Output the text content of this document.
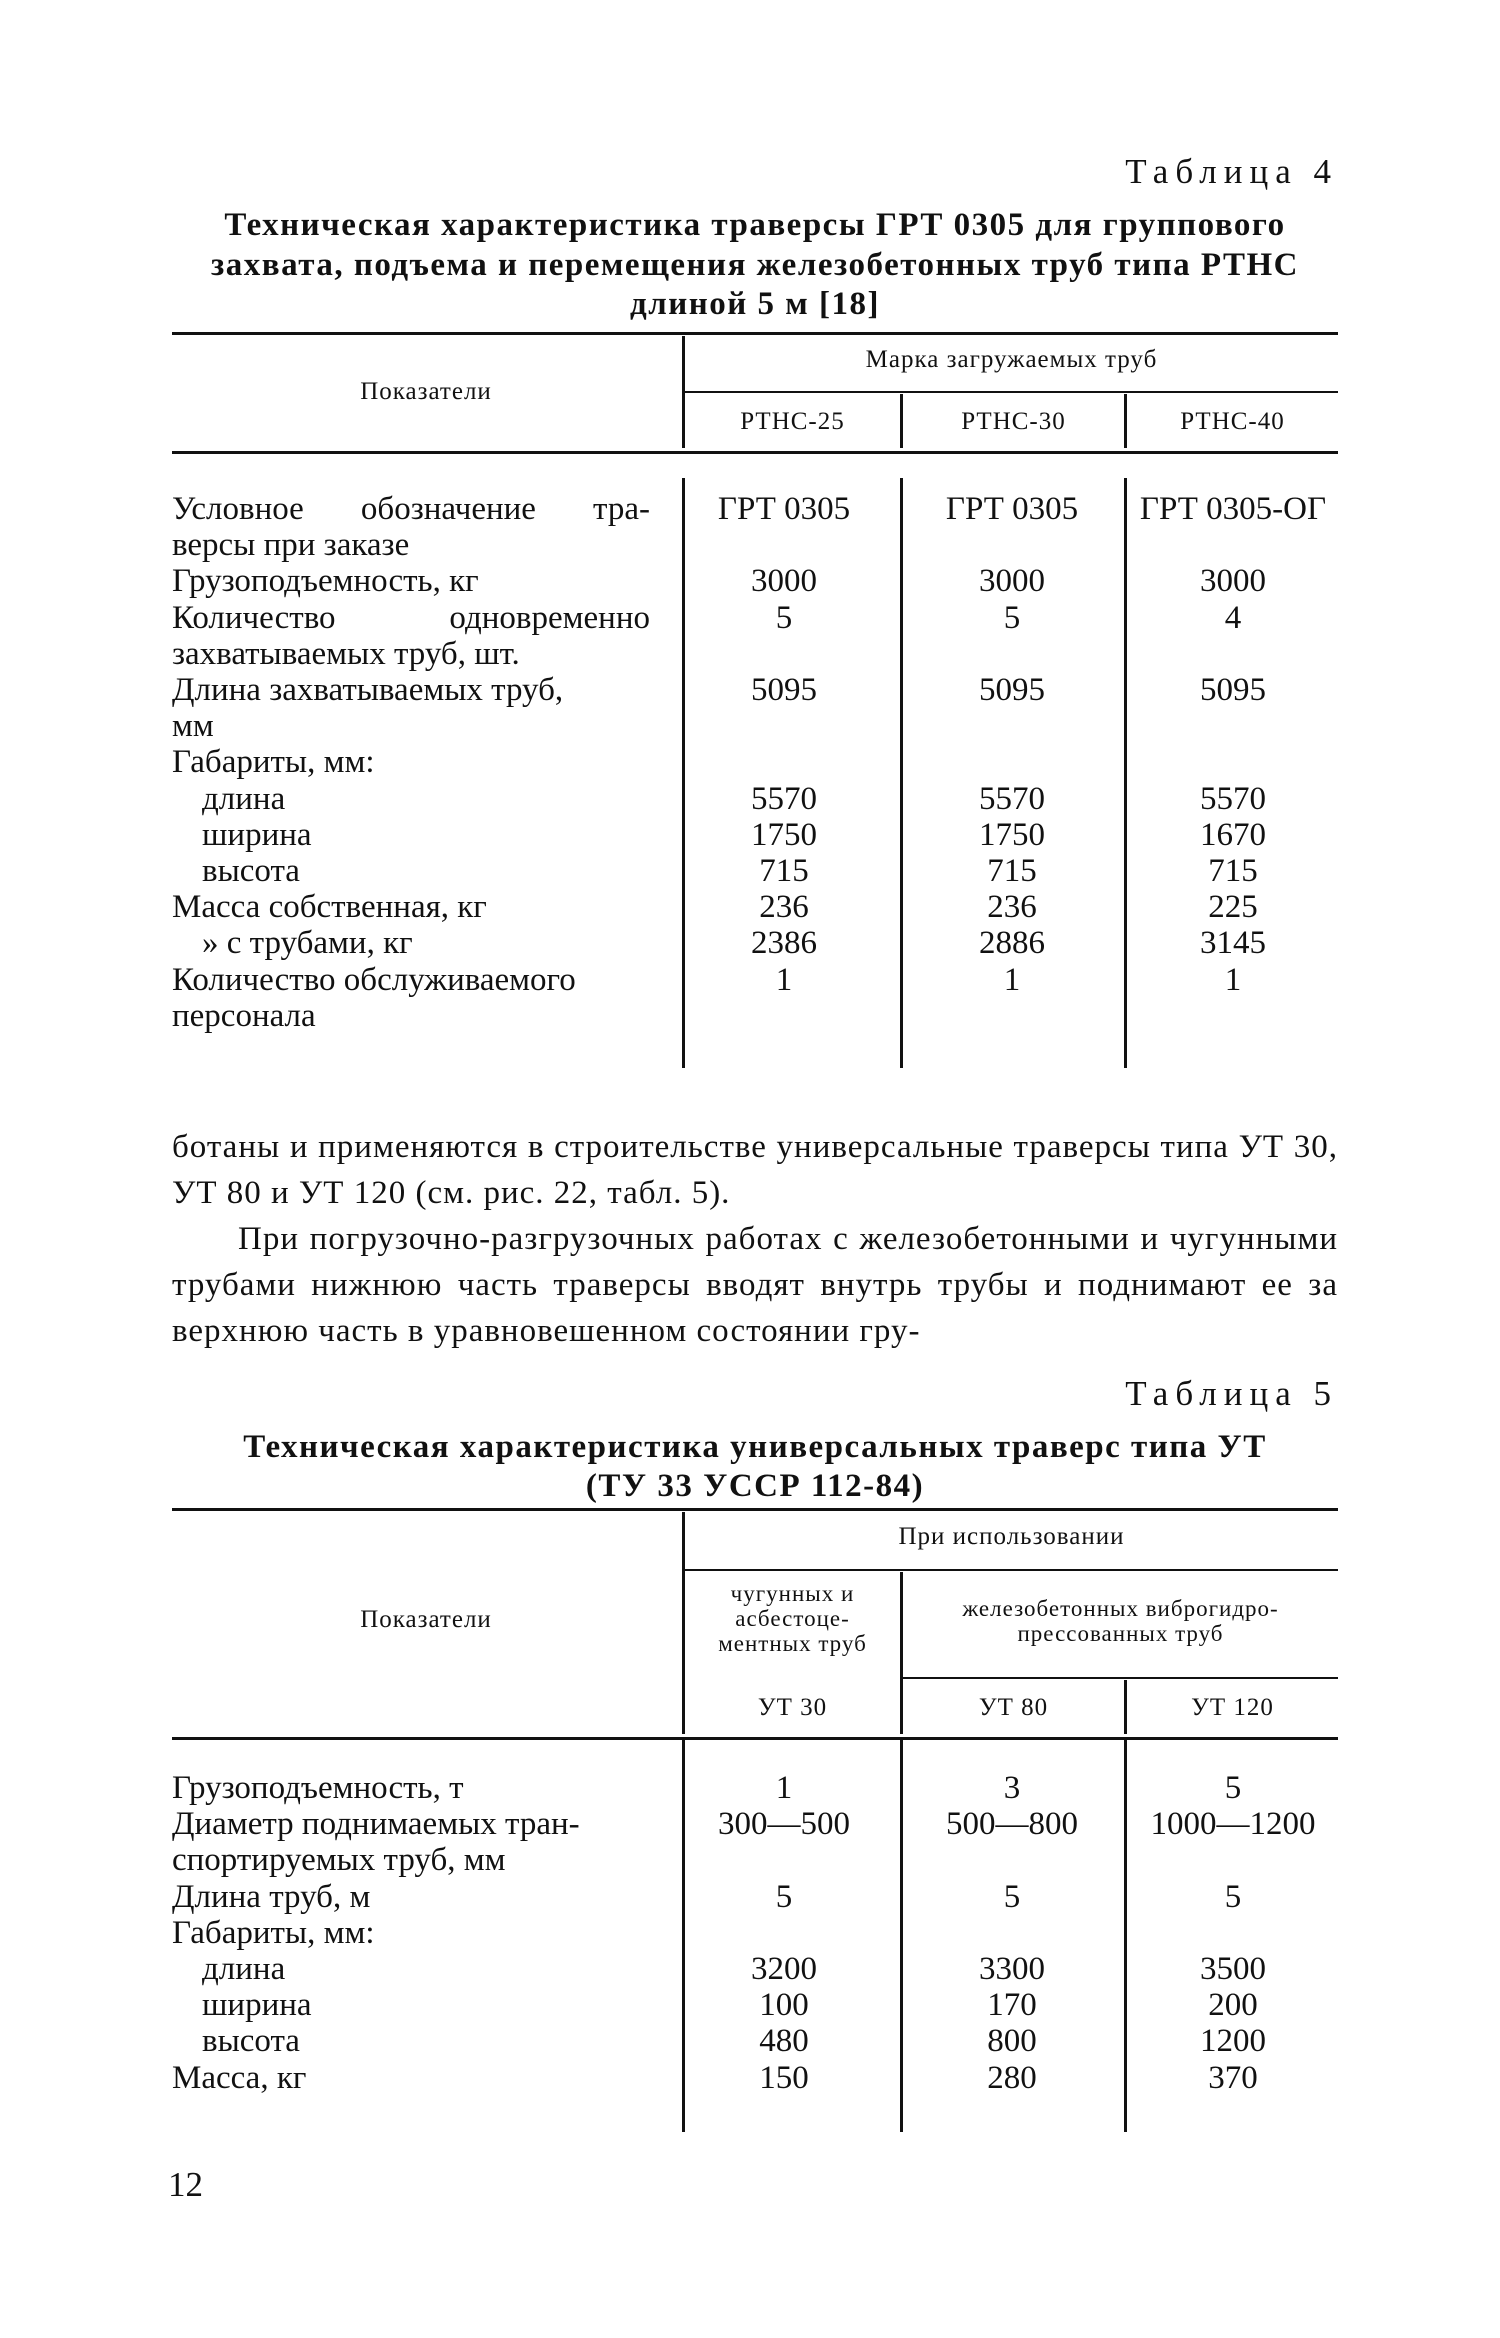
Таблица 4
Техническая характеристика траверсы ГРТ 0305 для группового
захвата, подъема и перемещения железобетонных труб типа РТНС
длиной 5 м [18]
Показатели
Марка загружаемых труб
РТНС-25	РТНС-30	РТНС-40
Условное обозначение тра-	ГРТ 0305	ГРТ 0305	ГРТ 0305-ОГ
версы при заказе
Грузоподъемность, кг	3000	3000	3000
Количество одновременно	5	5	4
захватываемых труб, шт.
Длина захватываемых труб,	5095	5095	5095
мм
Габариты, мм:
длина	5570	5570	5570
ширина	1750	1750	1670
высота	715	715	715
Масса собственная, кг	236	236	225
» с трубами, кг	2386	2886	3145
Количество обслуживаемого	1	1	1
персонала
ботаны и применяются в строительстве универсальные траверсы типа УТ 30, УТ 80 и УТ 120 (см. рис. 22, табл. 5).
При погрузочно-разгрузочных работах с железобетонными и чугунными трубами нижнюю часть траверсы вводят внутрь трубы и поднимают ее за верхнюю часть в уравновешенном состоянии гру-
Таблица 5
Техническая характеристика универсальных траверс типа УТ
(ТУ 33 УССР 112-84)
Показатели
При использовании
чугунных и
асбестоце-
ментных труб
железобетонных виброгидро-
прессованных труб
УТ 30	УТ 80	УТ 120
Грузоподъемность, т	1	3	5
Диаметр поднимаемых тран-	300—500	500—800	1000—1200
спортируемых труб, мм
Длина труб, м	5	5	5
Габариты, мм:
длина	3200	3300	3500
ширина	100	170	200
высота	480	800	1200
Масса, кг	150	280	370
12
